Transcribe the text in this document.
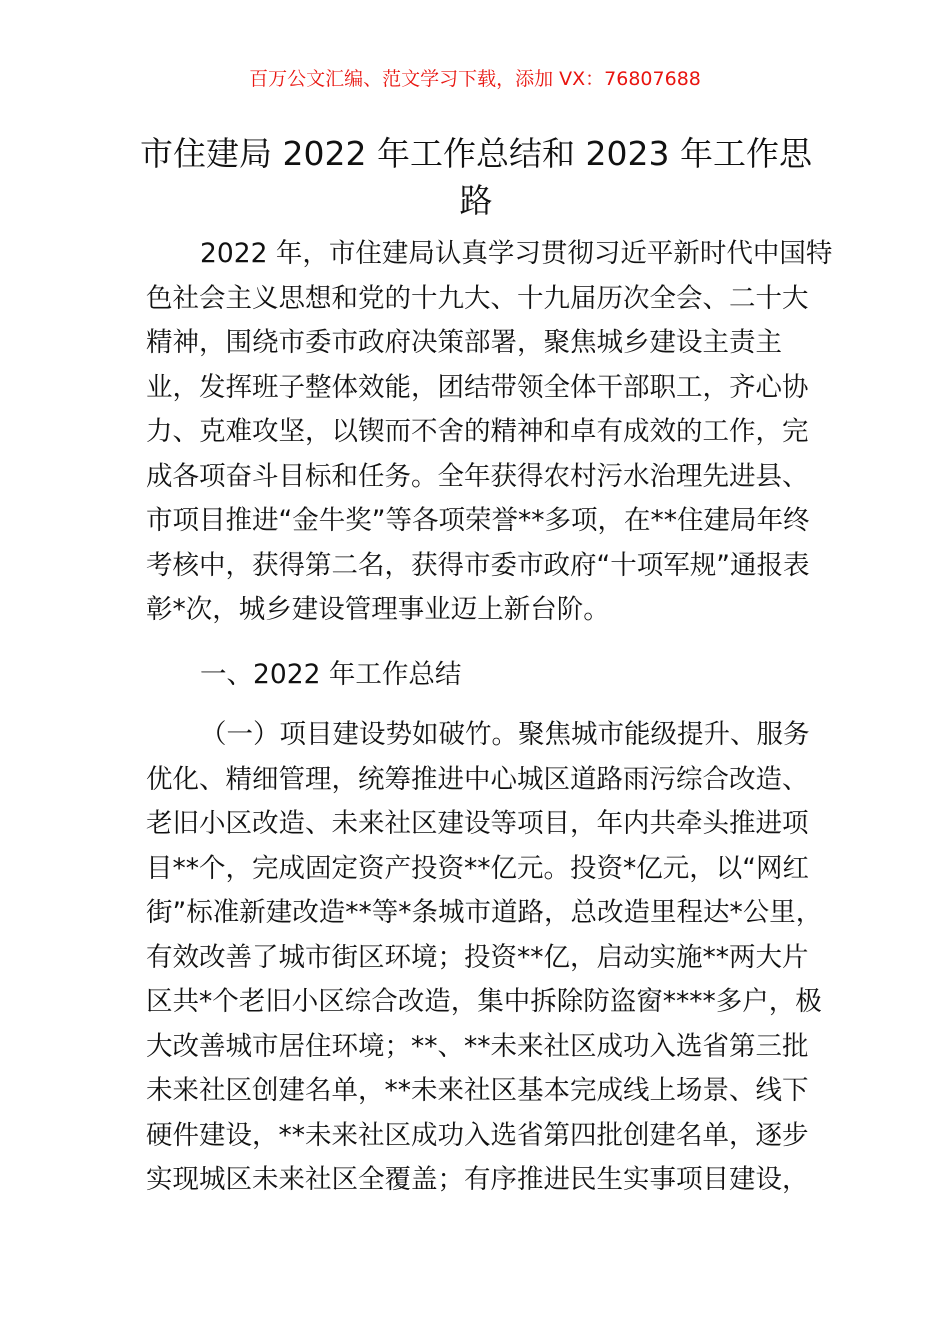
百万公文汇编、范文学习下载，添加 VX：76807688
市住建局 2022 年工作总结和 2023 年工作思
路
2022 年，市住建局认真学习贯彻习近平新时代中国特
色社会主义思想和党的十九大、十九届历次全会、二十大
精神，围绕市委市政府决策部署，聚焦城乡建设主责主
业，发挥班子整体效能，团结带领全体干部职工，齐心协
力、克难攻坚，以锲而不舍的精神和卓有成效的工作，完
成各项奋斗目标和任务。全年获得农村污水治理先进县、
市项目推进“金牛奖”等各项荣誉**多项，在**住建局年终
考核中，获得第二名，获得市委市政府“十项军规”通报表
彰*次，城乡建设管理事业迈上新台阶。
一、2022 年工作总结
（一）项目建设势如破竹。聚焦城市能级提升、服务
优化、精细管理，统筹推进中心城区道路雨污综合改造、
老旧小区改造、未来社区建设等项目，年内共牵头推进项
目**个，完成固定资产投资**亿元。投资*亿元，以“网红
街”标准新建改造**等*条城市道路，总改造里程达*公里，
有效改善了城市街区环境；投资**亿，启动实施**两大片
区共*个老旧小区综合改造，集中拆除防盗窗****多户，极
大改善城市居住环境；**、**未来社区成功入选省第三批
未来社区创建名单，**未来社区基本完成线上场景、线下
硬件建设，**未来社区成功入选省第四批创建名单，逐步
实现城区未来社区全覆盖；有序推进民生实事项目建设，
